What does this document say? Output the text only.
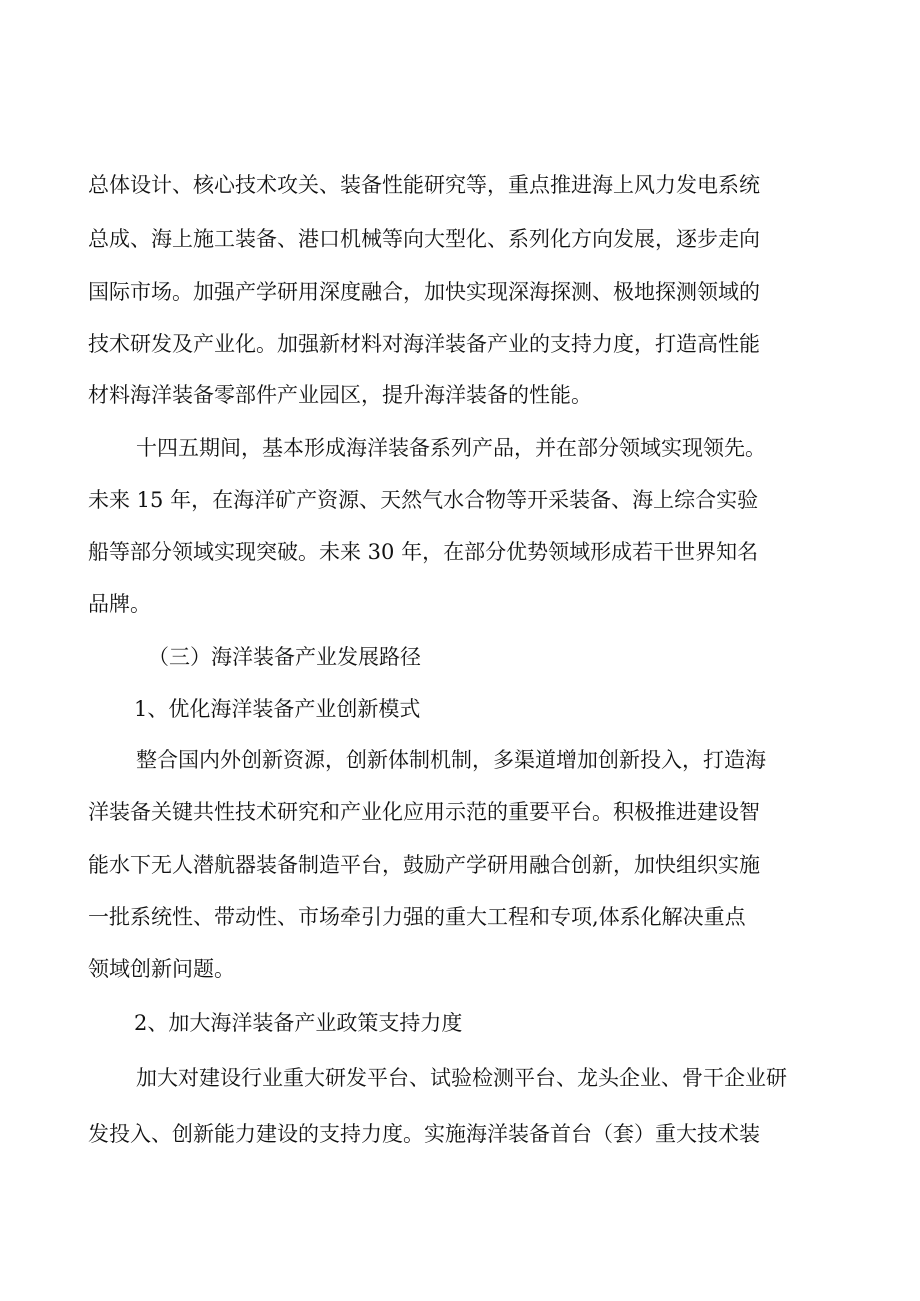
总体设计、核心技术攻关、装备性能研究等，重点推进海上风力发电系统
总成、海上施工装备、港口机械等向大型化、系列化方向发展，逐步走向
国际市场。加强产学研用深度融合，加快实现深海探测、极地探测领域的
技术研发及产业化。加强新材料对海洋装备产业的支持力度，打造高性能
材料海洋装备零部件产业园区，提升海洋装备的性能。
十四五期间，基本形成海洋装备系列产品，并在部分领域实现领先。
未来 15 年，在海洋矿产资源、天然气水合物等开采装备、海上综合实验
船等部分领域实现突破。未来 30 年，在部分优势领域形成若干世界知名
品牌。
（三）海洋装备产业发展路径
1、优化海洋装备产业创新模式
整合国内外创新资源，创新体制机制，多渠道增加创新投入，打造海
洋装备关键共性技术研究和产业化应用示范的重要平台。积极推进建设智
能水下无人潜航器装备制造平台，鼓励产学研用融合创新，加快组织实施
一批系统性、带动性、市场牵引力强的重大工程和专项,体系化解决重点
领域创新问题。
2、加大海洋装备产业政策支持力度
加大对建设行业重大研发平台、试验检测平台、龙头企业、骨干企业研
发投入、创新能力建设的支持力度。实施海洋装备首台（套）重大技术装
